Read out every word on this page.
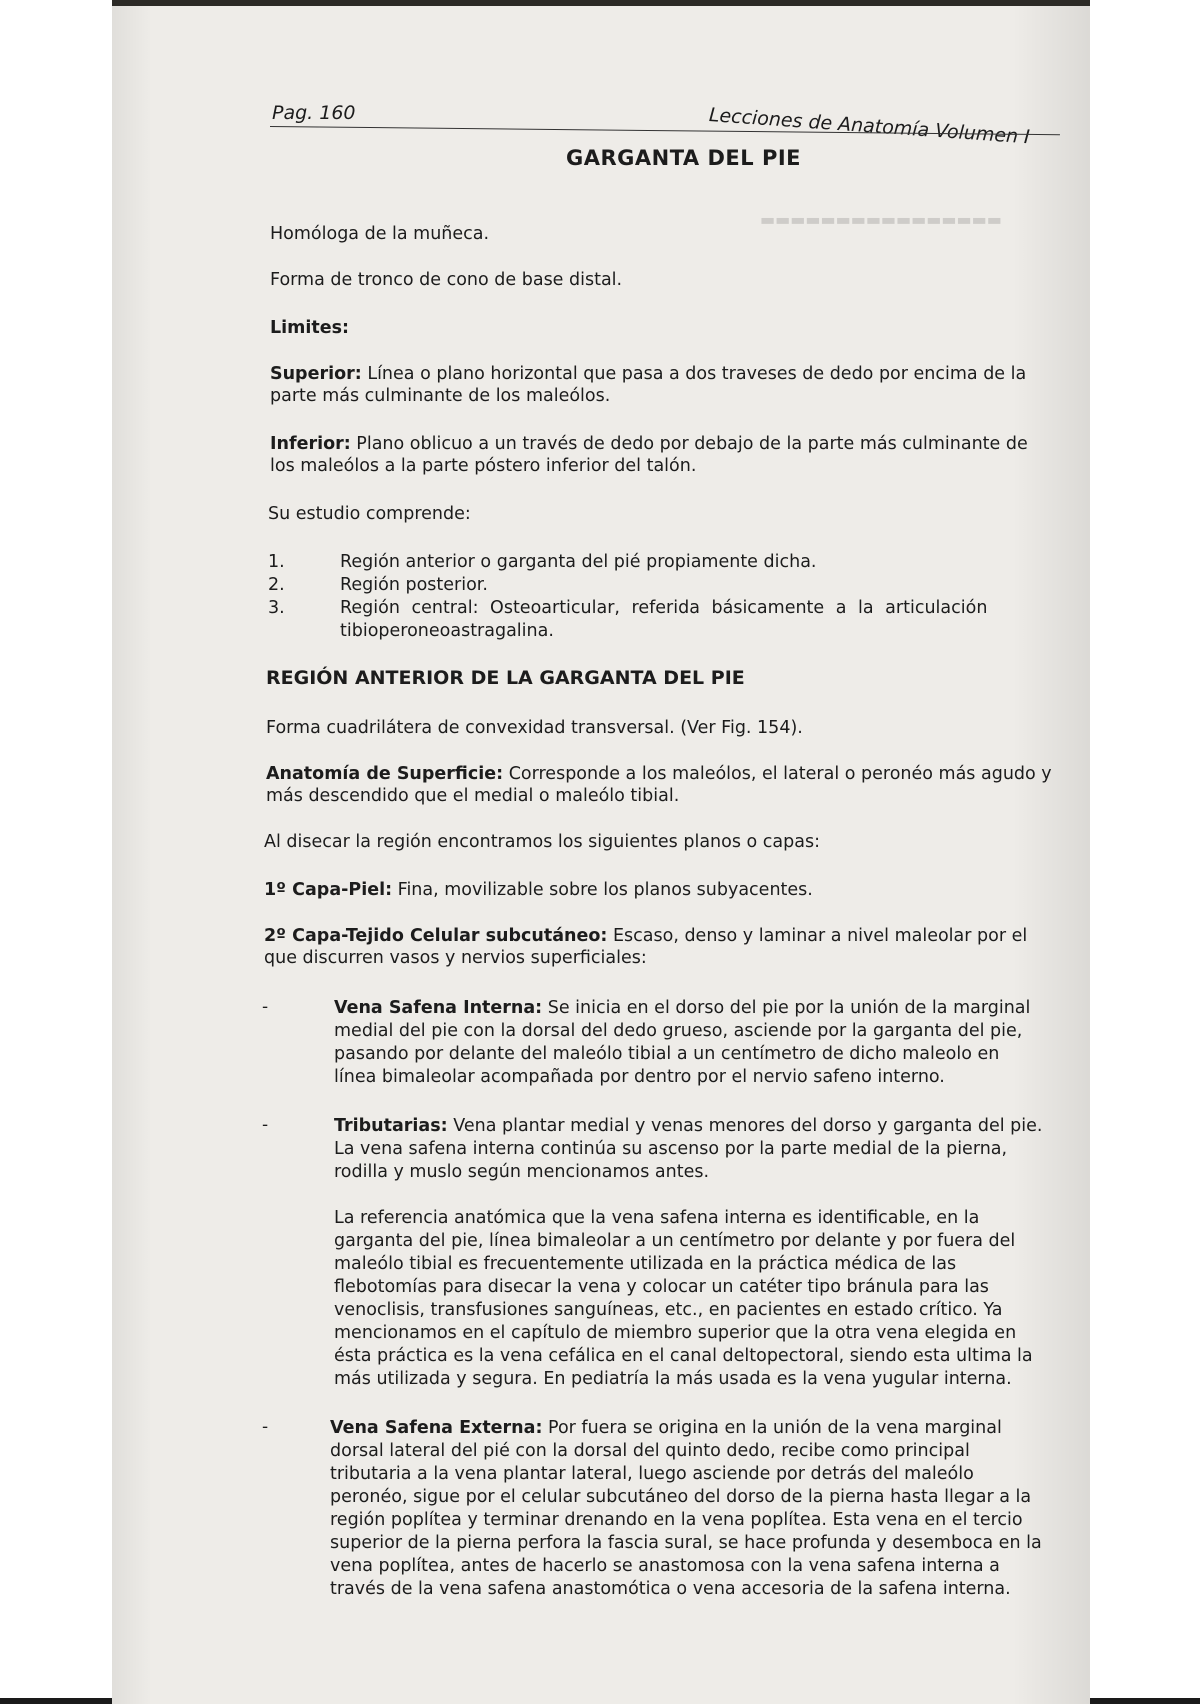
▬▬▬▬▬▬▬▬▬▬▬▬▬▬▬▬
Pag. 160	Lecciones de Anatomía Volumen I
GARGANTA DEL PIE
Homóloga de la muñeca.
Forma de tronco de cono de base distal.
Limites:
Superior: Línea o plano horizontal que pasa a dos traveses de dedo por encima de la
parte más culminante de los maleólos.
Inferior: Plano oblicuo a un través de dedo por debajo de la parte más culminante de
los maleólos a la parte póstero inferior del talón.
Su estudio comprende:
1.	Región anterior o garganta del pié propiamente dicha.
2.	Región posterior.
3.	Región central: Osteoarticular, referida básicamente a la articulación
tibioperoneoastragalina.
REGIÓN ANTERIOR DE LA GARGANTA DEL PIE
Forma cuadrilátera de convexidad transversal. (Ver Fig. 154).
Anatomía de Superficie: Corresponde a los maleólos, el lateral o peronéo más agudo y
más descendido que el medial o maleólo tibial.
Al disecar la región encontramos los siguientes planos o capas:
1º Capa-Piel: Fina, movilizable sobre los planos subyacentes.
2º Capa-Tejido Celular subcutáneo: Escaso, denso y laminar a nivel maleolar por el
que discurren vasos y nervios superficiales:
-	Vena Safena Interna: Se inicia en el dorso del pie por la unión de la marginal
medial del pie con la dorsal del dedo grueso, asciende por la garganta del pie,
pasando por delante del maleólo tibial a un centímetro de dicho maleolo en
línea bimaleolar acompañada por dentro por el nervio safeno interno.
-	Tributarias: Vena plantar medial y venas menores del dorso y garganta del pie.
La vena safena interna continúa su ascenso por la parte medial de la pierna,
rodilla y muslo según mencionamos antes.
La referencia anatómica que la vena safena interna es identificable, en la
garganta del pie, línea bimaleolar a un centímetro por delante y por fuera del
maleólo tibial es frecuentemente utilizada en la práctica médica de las
flebotomías para disecar la vena y colocar un catéter tipo bránula para las
venoclisis, transfusiones sanguíneas, etc., en pacientes en estado crítico. Ya
mencionamos en el capítulo de miembro superior que la otra vena elegida en
ésta práctica es la vena cefálica en el canal deltopectoral, siendo esta ultima la
más utilizada y segura. En pediatría la más usada es la vena yugular interna.
-	Vena Safena Externa: Por fuera se origina en la unión de la vena marginal
dorsal lateral del pié con la dorsal del quinto dedo, recibe como principal
tributaria a la vena plantar lateral, luego asciende por detrás del maleólo
peronéo, sigue por el celular subcutáneo del dorso de la pierna hasta llegar a la
región poplítea y terminar drenando en la vena poplítea. Esta vena en el tercio
superior de la pierna perfora la fascia sural, se hace profunda y desemboca en la
vena poplítea, antes de hacerlo se anastomosa con la vena safena interna a
través de la vena safena anastomótica o vena accesoria de la safena interna.
